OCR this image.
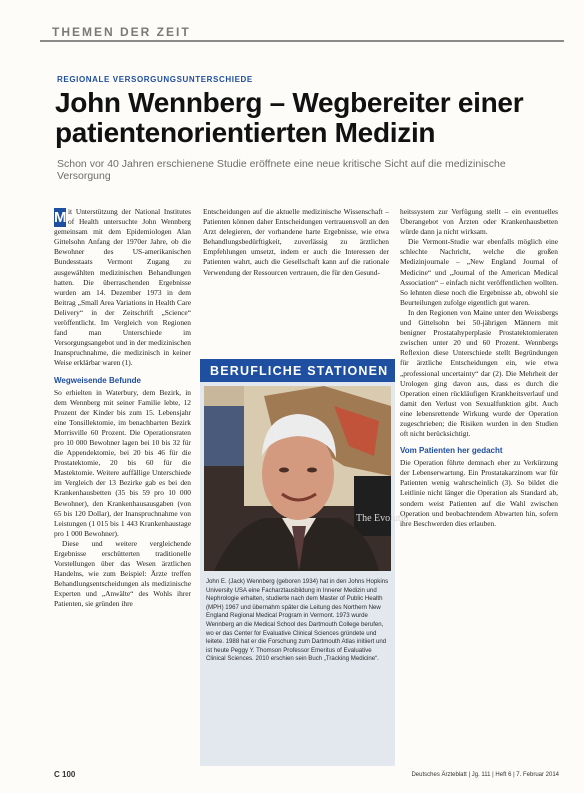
THEMEN DER ZEIT
REGIONALE VERSORGUNGSUNTERSCHIEDE
John Wennberg – Wegbereiter einer patientenorientierten Medizin
Schon vor 40 Jahren erschienene Studie eröffnete eine neue kritische Sicht auf die medizinische Versorgung
M it Unterstützung der National Institutes of Health untersuchte John Wennberg gemeinsam mit dem Epidemiologen Alan Gittelsohn Anfang der 1970er Jahre, ob die Bewohner des US-amerikanischen Bundesstaats Vermont Zugang zu ausgewählten medizinischen Behandlungen hatten. Die überraschenden Ergebnisse wurden am 14. Dezember 1973 in dem Beitrag „Small Area Variations in Health Care Delivery“ in der Zeitschrift „Science“ veröffentlicht. Im Vergleich von Regionen fand man Unterschiede im Versorgungsangebot und in der medizinischen Inanspruchnahme, die medizinisch in keiner Weise erklärbar waren (1).

Wegweisende Befunde

So erhielten in Waterbury, dem Bezirk, in dem Wennberg mit seiner Familie lebte, 12 Prozent der Kinder bis zum 15. Lebensjahr eine Tonsillektomie, im benachbarten Bezirk Morrisville 60 Prozent. Die Operationsraten pro 10 000 Bewohner lagen bei 10 bis 32 für die Appendektomie, bei 20 bis 46 für die Prostatektomie, 20 bis 60 für die Mastektomie. Weitere auffällige Unterschiede im Vergleich der 13 Bezirke gab es bei den Krankenhausbetten (35 bis 59 pro 10 000 Bewohner), den Krankenhausausgaben (von 65 bis 120 Dollar), der Inanspruchnahme von Leistungen (1 015 bis 1 443 Krankenhaustage pro 1 000 Bewohner).

Diese und weitere vergleichende Ergebnisse erschütterten traditionelle Vorstellungen über das Wesen ärztlichen Handelns, wie zum Beispiel: Ärzte treffen Behandlungsentscheidungen als medizinische Experten und „Anwälte“ des Wohls ihrer Patienten, sie gründen ihre

Entscheidungen auf die aktuelle medizinische Wissenschaft – Patienten können daher Entscheidungen vertrauensvoll an den Arzt delegieren, der vorhandene harte Ergebnisse, wie etwa Behandlungsbedürftigkeit, zuverlässig zu ärztlichen Empfehlungen umsetzt, indem er auch die Interessen der Patienten wahrt, auch die Gesellschaft kann auf die rationale Verwendung der Ressourcen vertrauen, die für den Gesund-

BERUFLICHE STATIONEN
The Evolutio
John E. (Jack) Wennberg (geboren 1934) hat in den Johns Hopkins University USA eine Facharztausbildung in Innerer Medizin und Nephrologie erhalten, studierte nach dem Master of Public Health (MPH) 1967 und übernahm später die Leitung des Northern New England Regional Medical Program in Vermont. 1973 wurde Wennberg an die Medical School des Dartmouth College berufen, wo er das Center for Evaluative Clinical Sciences gründete und leitete. 1988 hat er die Forschung zum Dartmouth Atlas initiiert und ist heute Peggy Y. Thomson Professor Emeritus of Evaluative Clinical Sciences. 2010 erschien sein Buch „Tracking Medicine“.

heitssystem zur Verfügung stellt – ein eventuelles Überangebot von Ärzten oder Krankenhausbetten würde dann ja nicht wirksam.

Die Vermont-Studie war ebenfalls möglich eine schlechte Nachricht, welche die großen Medizinjournale – „New England Journal of Medicine“ und „Journal of the American Medical Association“ – einfach nicht veröffentlichen wollten. So lehnten diese noch die Ergebnisse ab, obwohl sie Beurteilungen zufolge eigentlich gut waren.

In den Regionen von Maine unter den Weissbergs und Gittelsohn bei 50-jährigen Männern mit benigner Prostatahyperplasie Prostatektomieraten zwischen unter 20 und 60 Prozent. Wennbergs Reflexion diese Unterschiede stellt Begründungen für ärztliche Entscheidungen ein, wie etwa „professional uncertainty“ dar (2). Die Mehrheit der Urologen ging davon aus, dass es durch die Operation einen rückläufigen Krankheitsverlauf und damit den Verlust von Sexualfunktion gibt. Auch eine lebensrettende Wirkung wurde der Operation zugeschrieben; die Risiken wurden in den Studien oft nicht berücksichtigt.

Vom Patienten her gedacht

Die Operation führte demnach eher zu Verkürzung der Lebenserwartung. Ein Prostatakarzinom war für Patienten wenig wahrscheinlich (3). So bildet die Leitlinie nicht länger die Operation als Standard ab, sondern weist Patienten auf die Wahl zwischen Operation und beobachtendem Abwarten hin, sofern ihre Beschwerden dies erlauben.

C 100	Deutsches Ärzteblatt | Jg. 111 | Heft 6 | 7. Februar 2014
